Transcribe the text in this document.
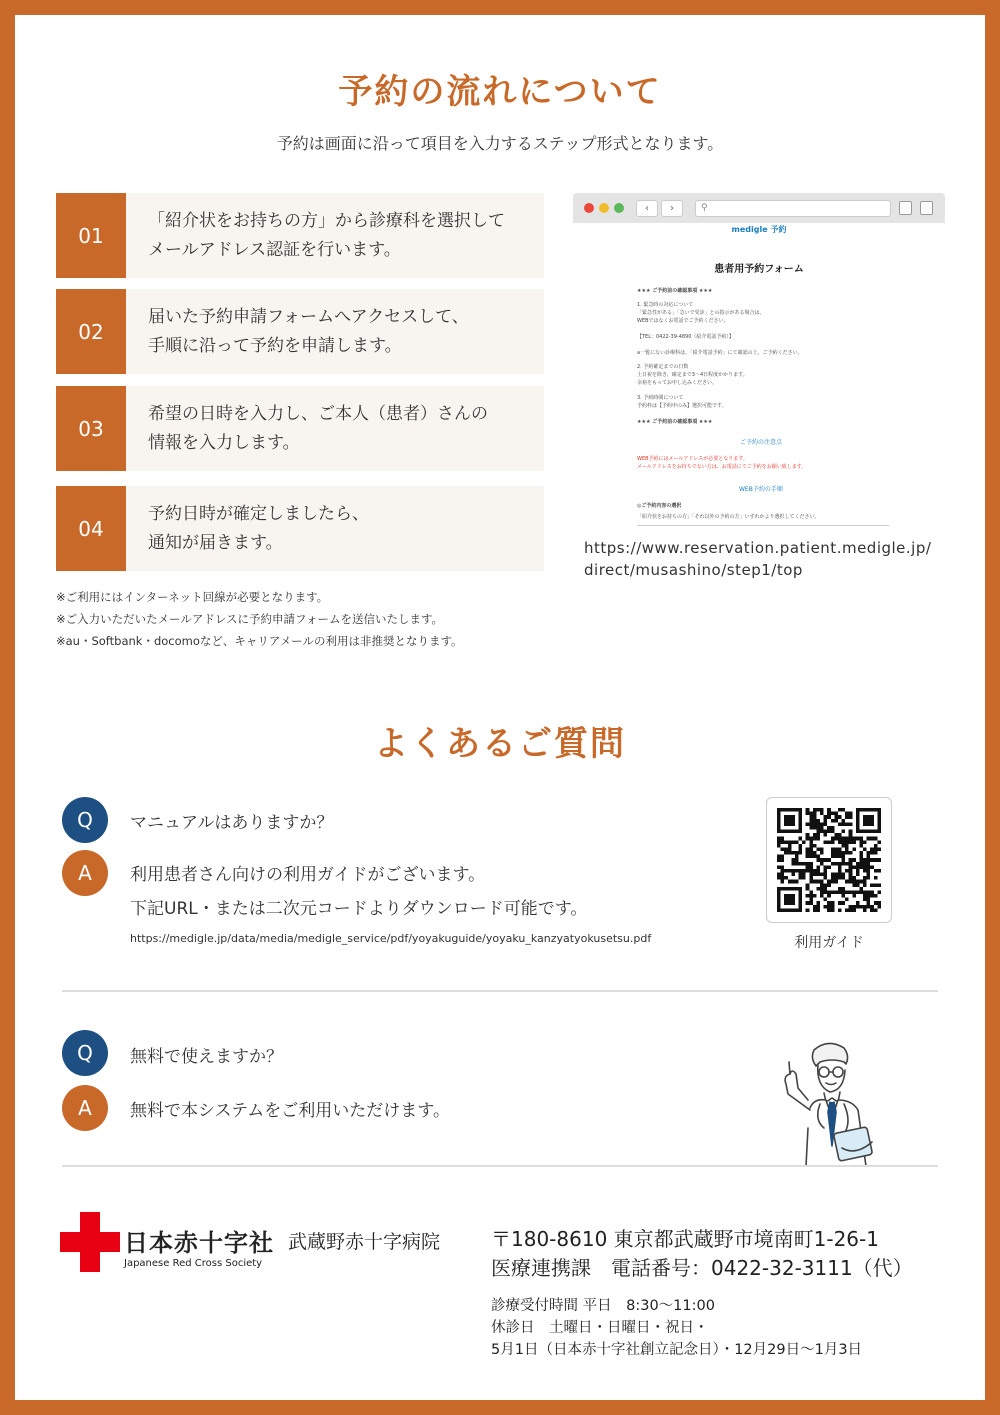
予約の流れについて
予約は画面に沿って項目を入力するステップ形式となります。
01
「紹介状をお持ちの方」から診療科を選択して
メールアドレス認証を行います。
02
届いた予約申請フォームへアクセスして、
手順に沿って予約を申請します。
03
希望の日時を入力し、ご本人（患者）さんの
情報を入力します。
04
予約日時が確定しましたら、
通知が届きます。
※ご利用にはインターネット回線が必要となります。
※ご入力いただいたメールアドレスに予約申請フォームを送信いたします。
※au・Softbank・docomoなど、キャリアメールの利用は非推奨となります。
‹	›	⚲
medigle 予約
患者用予約フォーム
★★★ ご予約前の確認事項 ★★★
1. 緊急時の対応について
「緊急性がある」「急いで受診」との指示がある場合は、
WEBではなくお電話でご予約ください。
【TEL：0422-39-4890（紹介電話予約）】
a一覧にない診療科は、「紹介電話予約」にて確認の上、ご予約ください。
2. 予約確定までの日数
土日祝を除き、確定まで3～4日程度かかります。
余裕をもってお申し込みください。
3. 予約時間について
予約枠は【予約申のみ】選択可能です。
★★★ ご予約前の確認事項 ★★★
ご予約の注意点
WEB予約にはメールアドレスが必要となります。
メールアドレスをお持ちでない方は、お電話にてご予約をお願い致します。
WEB予約の手順
◎ご予約内容の選択
「紹介状をお持ちの方」「それ以外の予約の方」いずれかより選択してください。
https://www.reservation.patient.medigle.jp/
direct/musashino/step1/top
よくあるご質問
Q	マニュアルはありますか？
A	利用患者さん向けの利用ガイドがございます。
下記URL・または二次元コードよりダウンロード可能です。
https://medigle.jp/data/media/medigle_service/pdf/yoyakuguide/yoyaku_kanzyatyokusetsu.pdf	利用ガイド
Q	無料で使えますか？
A	無料で本システムをご利用いただけます。
日本赤十字社
Japanese Red Cross Society
武蔵野赤十字病院	〒180-8610 東京都武蔵野市境南町1-26-1
医療連携課　電話番号：0422-32-3111（代）
診療受付時間 平日　8:30〜11:00
休診日　土曜日・日曜日・祝日・
5月1日（日本赤十字社創立記念日）・12月29日〜1月3日
